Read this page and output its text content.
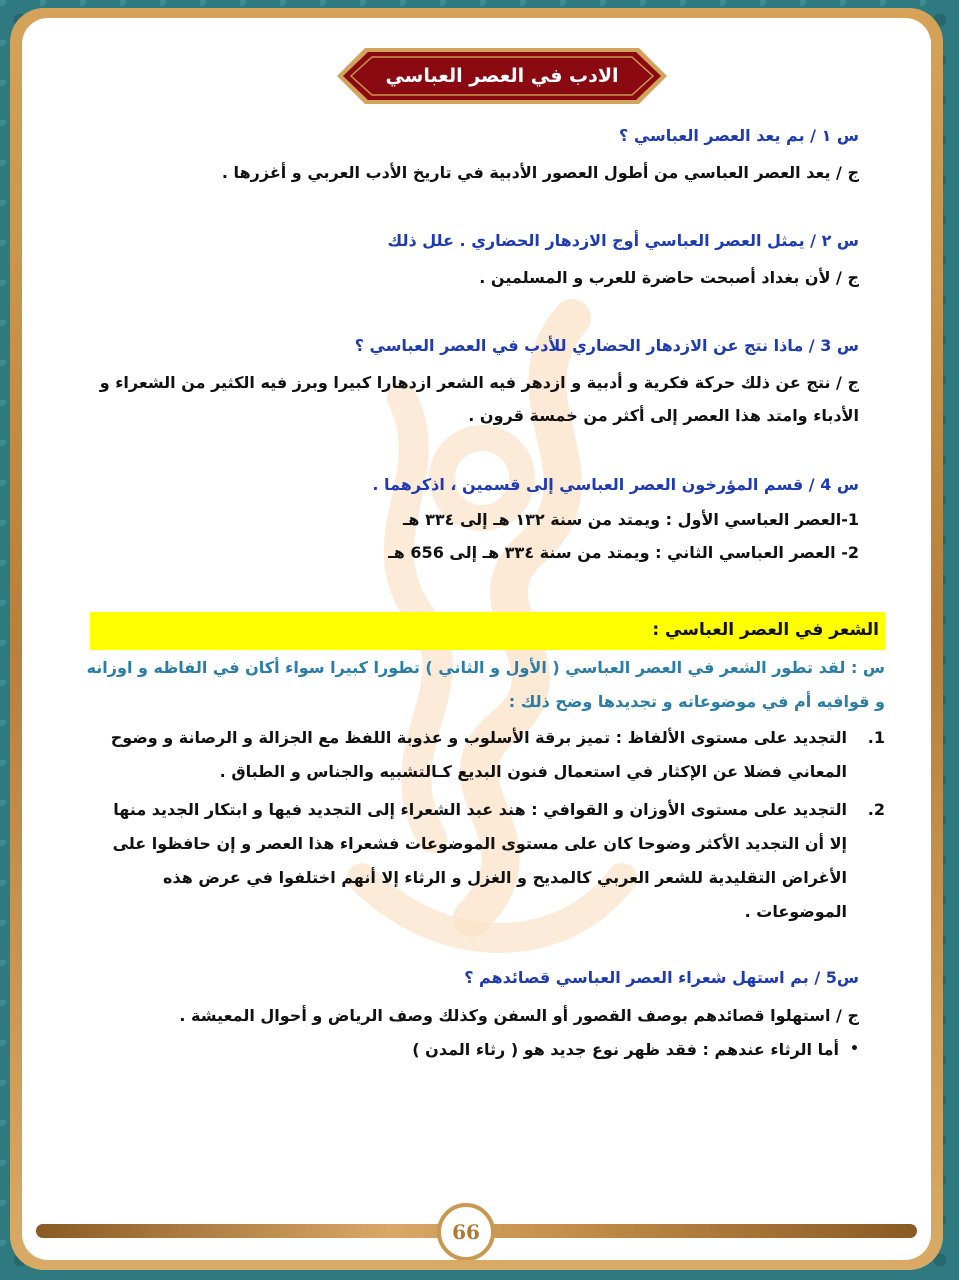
الادب في العصر العباسي
س ١ / بم يعد العصر العباسي ؟
ج / يعد العصر العباسي من أطول العصور الأدبية في تاريخ الأدب العربي و أغزرها .
س ٢ / يمثل العصر العباسي أوج الازدهار الحضاري . علل ذلك
ج / لأن بغداد أصبحت حاضرة للعرب و المسلمين .
س 3 / ماذا نتج عن الازدهار الحضاري للأدب في العصر العباسي ؟
ج / نتج عن ذلك حركة فكرية و أدبية و ازدهر فيه الشعر ازدهارا كبيرا وبرز فيه الكثير من الشعراء و
الأدباء وامتد هذا العصر إلى أكثر من خمسة قرون .
س 4 / قسم المؤرخون العصر العباسي إلى قسمين ، اذكرهما .
1-العصر العباسي الأول : ويمتد من سنة ١٣٢ هـ إلى ٣٣٤ هـ
2- العصر العباسي الثاني : ويمتد من سنة ٣٣٤ هـ إلى 656 هـ
الشعر في العصر العباسي :
س : لقد تطور الشعر في العصر العباسي ( الأول و الثاني ) تطورا كبيرا سواء أكان في الفاظه و اوزانه
و قوافيه أم في موضوعاته و تجديدها وضح ذلك :
1.
التجديد على مستوى الألفاظ : تميز برقة الأسلوب و عذوبة اللفظ مع الجزالة و الرصانة و وضوح
المعاني فضلا عن الإكثار في استعمال فنون البديع كـالتشبيه والجناس و الطباق .
2.
التجديد على مستوى الأوزان و القوافي : هند عبد الشعراء إلى التجديد فيها و ابتكار الجديد منها
إلا أن التجديد الأكثر وضوحا كان على مستوى الموضوعات فشعراء هذا العصر و إن حافظوا على
الأغراض التقليدية للشعر العربي كالمديح و الغزل و الرثاء إلا أنهم اختلفوا في عرض هذه
الموضوعات .
س5 / بم استهل شعراء العصر العباسي قصائدهم ؟
ج / استهلوا قصائدهم بوصف القصور أو السفن وكذلك وصف الرياض و أحوال المعيشة .
•
أما الرثاء عندهم : فقد ظهر نوع جديد هو ( رثاء المدن )
66
